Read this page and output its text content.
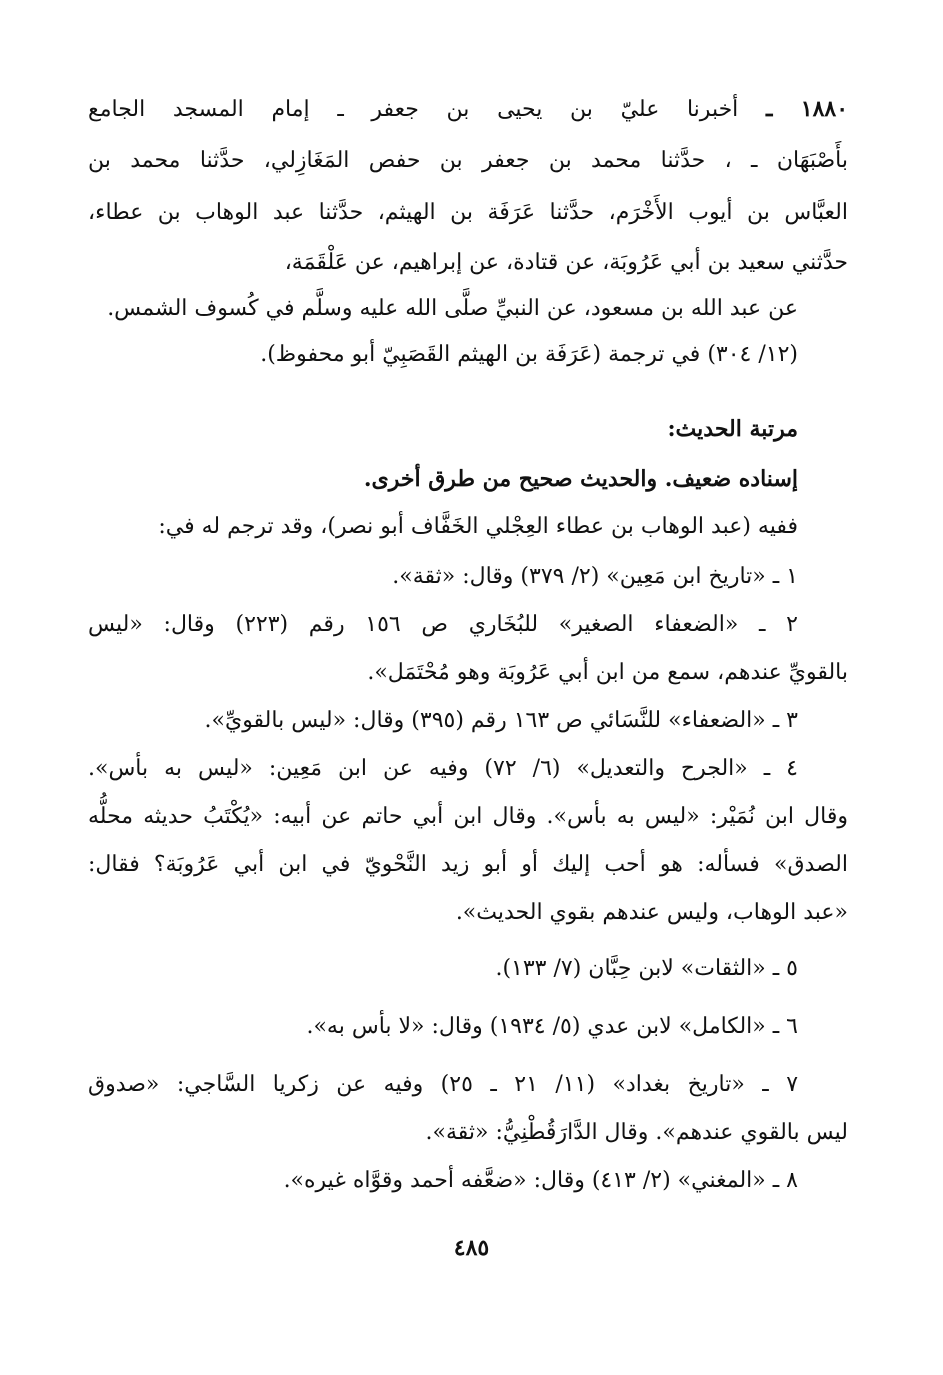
١٨٨٠ ـ أخبرنا عليّ بن يحيى بن جعفر ـ إمام المسجد الجامع
بأَصْبَهَان ـ ، حدَّثنا محمد بن جعفر بن حفص المَغَازِلي، حدَّثنا محمد بن
العبَّاس بن أيوب الأَخْرَم، حدَّثنا عَرَفَة بن الهيثم، حدَّثنا عبد الوهاب بن عطاء،
حدَّثني سعيد بن أبي عَرُوبَة، عن قتادة، عن إبراهيم، عن عَلْقَمَة،
عن عبد الله بن مسعود، عن النبيِّ صلَّى الله عليه وسلَّم في كُسوف الشمس.
(١٢/ ٣٠٤) في ترجمة (عَرَفَة بن الهيثم القَصَبِيّ أبو محفوظ).
مرتبة الحديث:
إسناده ضعيف. والحديث صحيح من طرق أخرى.
ففيه (عبد الوهاب بن عطاء العِجْلي الخَفَّاف أبو نصر)، وقد ترجم له في:
١ ـ «تاريخ ابن مَعِين» (٢/ ٣٧٩) وقال: «ثقة».
٢ ـ «الضعفاء الصغير» للبُخَاري ص ١٥٦ رقم (٢٢٣) وقال: «ليس
بالقويِّ عندهم، سمع من ابن أبي عَرُوبَة وهو مُحْتَمَل».
٣ ـ «الضعفاء» للنَّسَائي ص ١٦٣ رقم (٣٩٥) وقال: «ليس بالقويِّ».
٤ ـ «الجرح والتعديل» (٦/ ٧٢) وفيه عن ابن مَعِين: «ليس به بأس».
وقال ابن نُمَيْر: «ليس به بأس». وقال ابن أبي حاتم عن أبيه: «يُكْتَبُ حديثه محلُّه
الصدق» فسأله: هو أحب إليك أو أبو زيد النَّحْويّ في ابن أبي عَرُوبَة؟ فقال:
«عبد الوهاب، وليس عندهم بقوي الحديث».
٥ ـ «الثقات» لابن حِبَّان (٧/ ١٣٣).
٦ ـ «الكامل» لابن عدي (٥/ ١٩٣٤) وقال: «لا بأس به».
٧ ـ «تاريخ بغداد» (١١/ ٢١ ـ ٢٥) وفيه عن زكريا السَّاجي: «صدوق
ليس بالقوي عندهم». وقال الدَّارَقُطْنِيُّ: «ثقة».
٨ ـ «المغني» (٢/ ٤١٣) وقال: «ضعَّفه أحمد وقوَّاه غيره».
٤٨٥
